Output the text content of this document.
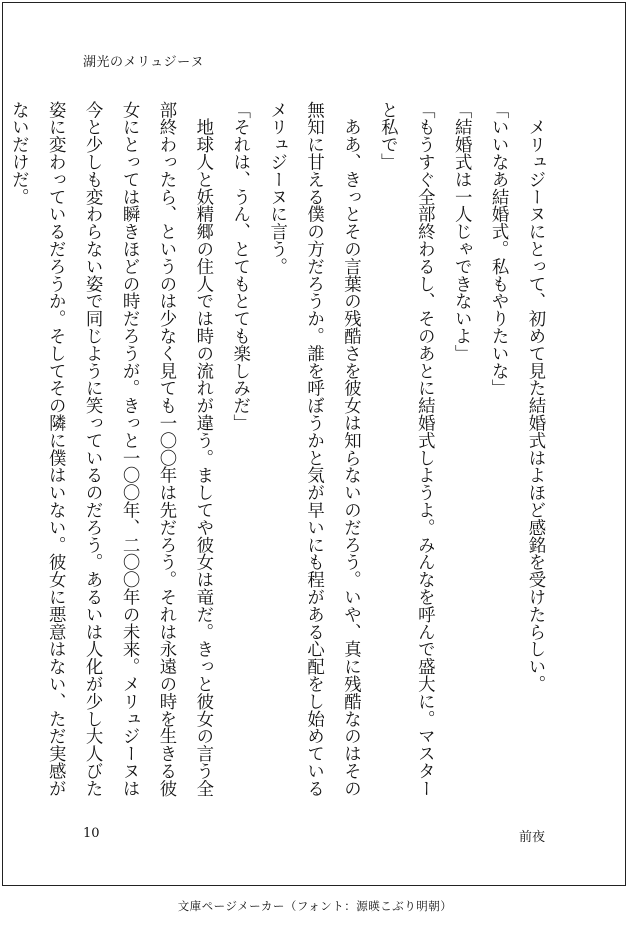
湖光のメリュジーヌ

　メリュジーヌにとって、初めて見た結婚式はよほど感銘を受けたらしい。

「いいなあ結婚式。私もやりたいな」

「結婚式は一人じゃできないよ」

「もうすぐ全部終わるし、そのあとに結婚式しようよ。みんなを呼んで盛大に。マスターと私で」

　ああ、きっとその言葉の残酷さを彼女は知らないのだろう。いや、真に残酷なのはその無知に甘える僕の方だろうか。誰を呼ぼうかと気が早いにも程がある心配をし始めているメリュジーヌに言う。

「それは、うん、とてもとても楽しみだ」

　地球人と妖精郷の住人では時の流れが違う。ましてや彼女は竜だ。きっと彼女の言う全部終わったら、というのは少なく見ても一〇〇年は先だろう。それは永遠の時を生きる彼女にとっては瞬きほどの時だろうが。きっと一〇〇年、二〇〇年の未来。メリュジーヌは今と少しも変わらない姿で同じように笑っているのだろう。あるいは人化が少し大人びた姿に変わっているだろうか。そしてその隣に僕はいない。彼女に悪意はない、ただ実感がないだけだ。

10	前夜
文庫ページメーカー（フォント：源暎こぶり明朝）
